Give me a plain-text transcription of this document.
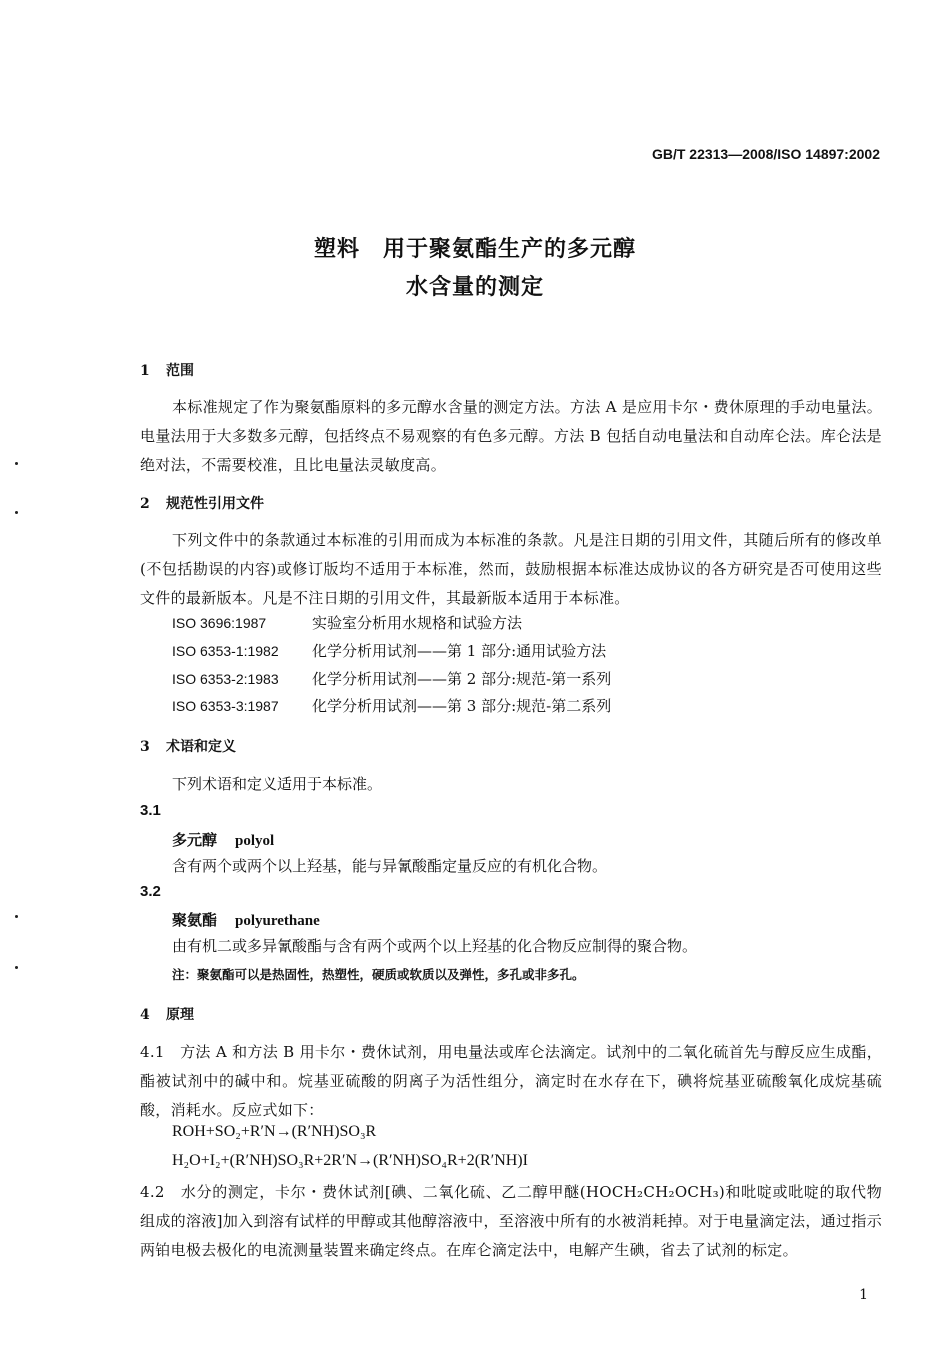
GB/T 22313—2008/ISO 14897:2002
塑料　用于聚氨酯生产的多元醇
水含量的测定
1 范围
本标准规定了作为聚氨酯原料的多元醇水含量的测定方法。方法 A 是应用卡尔・费休原理的手动电量法。电量法用于大多数多元醇，包括终点不易观察的有色多元醇。方法 B 包括自动电量法和自动库仑法。库仑法是绝对法，不需要校准，且比电量法灵敏度高。
2 规范性引用文件
下列文件中的条款通过本标准的引用而成为本标准的条款。凡是注日期的引用文件，其随后所有的修改单(不包括勘误的内容)或修订版均不适用于本标准，然而，鼓励根据本标准达成协议的各方研究是否可使用这些文件的最新版本。凡是不注日期的引用文件，其最新版本适用于本标准。
ISO 3696:1987	实验室分析用水规格和试验方法
ISO 6353-1:1982 化学分析用试剂——第 1 部分:通用试验方法
ISO 6353-2:1983 化学分析用试剂——第 2 部分:规范-第一系列
ISO 6353-3:1987 化学分析用试剂——第 3 部分:规范-第二系列
3 术语和定义
下列术语和定义适用于本标准。
3.1
多元醇 polyol
含有两个或两个以上羟基，能与异氰酸酯定量反应的有机化合物。
3.2
聚氨酯 polyurethane
由有机二或多异氰酸酯与含有两个或两个以上羟基的化合物反应制得的聚合物。
注：聚氨酯可以是热固性，热塑性，硬质或软质以及弹性，多孔或非多孔。
4 原理
4.1　方法 A 和方法 B 用卡尔・费休试剂，用电量法或库仑法滴定。试剂中的二氧化硫首先与醇反应生成酯，酯被试剂中的碱中和。烷基亚硫酸的阴离子为活性组分，滴定时在水存在下，碘将烷基亚硫酸氧化成烷基硫酸，消耗水。反应式如下：
ROH+SO₂+R′N→(R′NH)SO₃R
H₂O+I₂+(R′NH)SO₃R+2R′N→(R′NH)SO₄R+2(R′NH)I
4.2　水分的测定，卡尔・费休试剂[碘、二氧化硫、乙二醇甲醚(HOCH₂CH₂OCH₃)和吡啶或吡啶的取代物组成的溶液]加入到溶有试样的甲醇或其他醇溶液中，至溶液中所有的水被消耗掉。对于电量滴定法，通过指示两铂电极去极化的电流测量装置来确定终点。在库仑滴定法中，电解产生碘，省去了试剂的标定。
1
